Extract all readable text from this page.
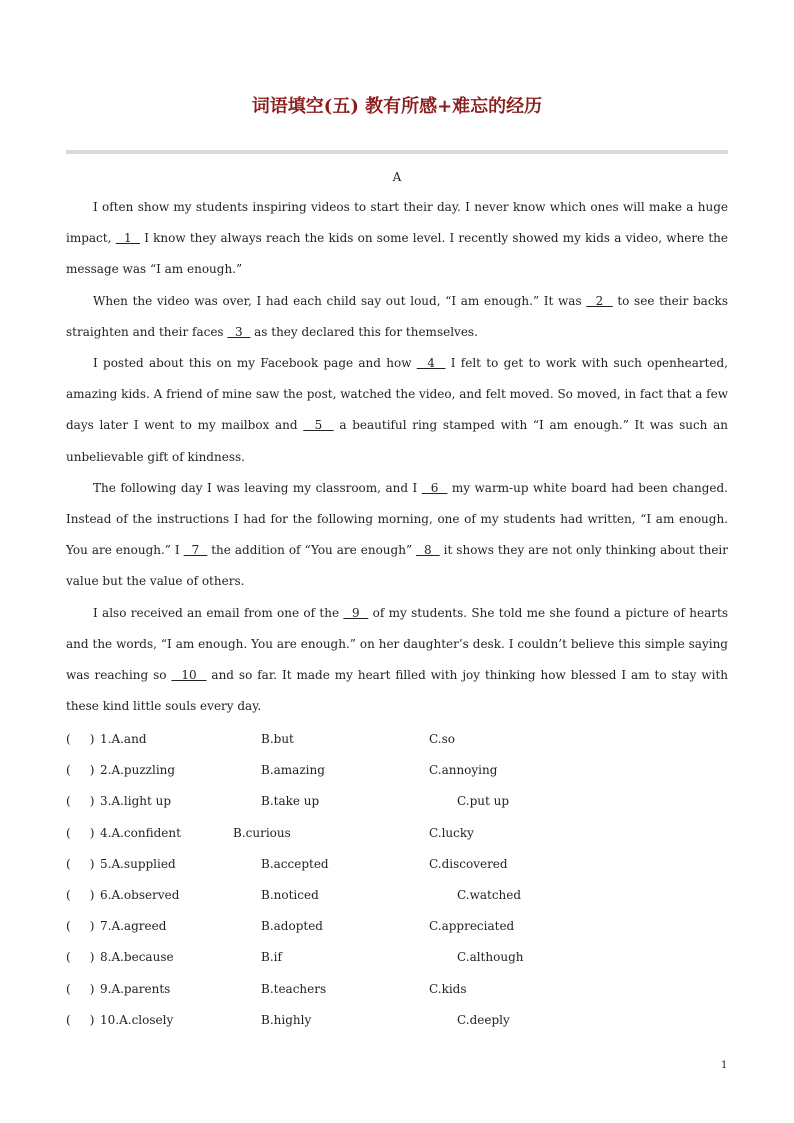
词语填空(五) 教有所感+难忘的经历
A

I often show my students inspiring videos to start their day. I never know which ones will make a huge impact,   1   I know they always reach the kids on some level. I recently showed my kids a video, where the message was “I am enough.”

When the video was over, I had each child say out loud, “I am enough.” It was   2   to see their backs straighten and their faces   3   as they declared this for themselves.

I posted about this on my Facebook page and how   4   I felt to get to work with such openhearted, amazing kids. A friend of mine saw the post, watched the video, and felt moved. So moved, in fact that a few days later I went to my mailbox and   5   a beautiful ring stamped with “I am enough.” It was such an unbelievable gift of kindness.

The following day I was leaving my classroom, and I   6   my warm-up white board had been changed. Instead of the instructions I had for the following morning, one of my students had written, “I am enough. You are enough.” I   7   the addition of “You are enough”   8   it shows they are not only thinking about their value but the value of others.

I also received an email from one of the   9   of my students. She told me she found a picture of hearts and the words, “I am enough. You are enough.” on her daughter’s desk. I couldn’t believe this simple saying was reaching so   10   and so far. It made my heart filled with joy thinking how blessed I am to stay with these kind little souls every day.

(     ) 1.A.and	B.but	C.so
(     ) 2.A.puzzling	B.amazing	C.annoying
(     ) 3.A.light up	B.take up	C.put up
(     ) 4.A.confident	B.curious	C.lucky
(     ) 5.A.supplied	B.accepted	C.discovered
(     ) 6.A.observed	B.noticed	C.watched
(     ) 7.A.agreed	B.adopted	C.appreciated
(     ) 8.A.because	B.if	C.although
(     ) 9.A.parents	B.teachers	C.kids
(     ) 10.A.closely	B.highly	C.deeply
1
